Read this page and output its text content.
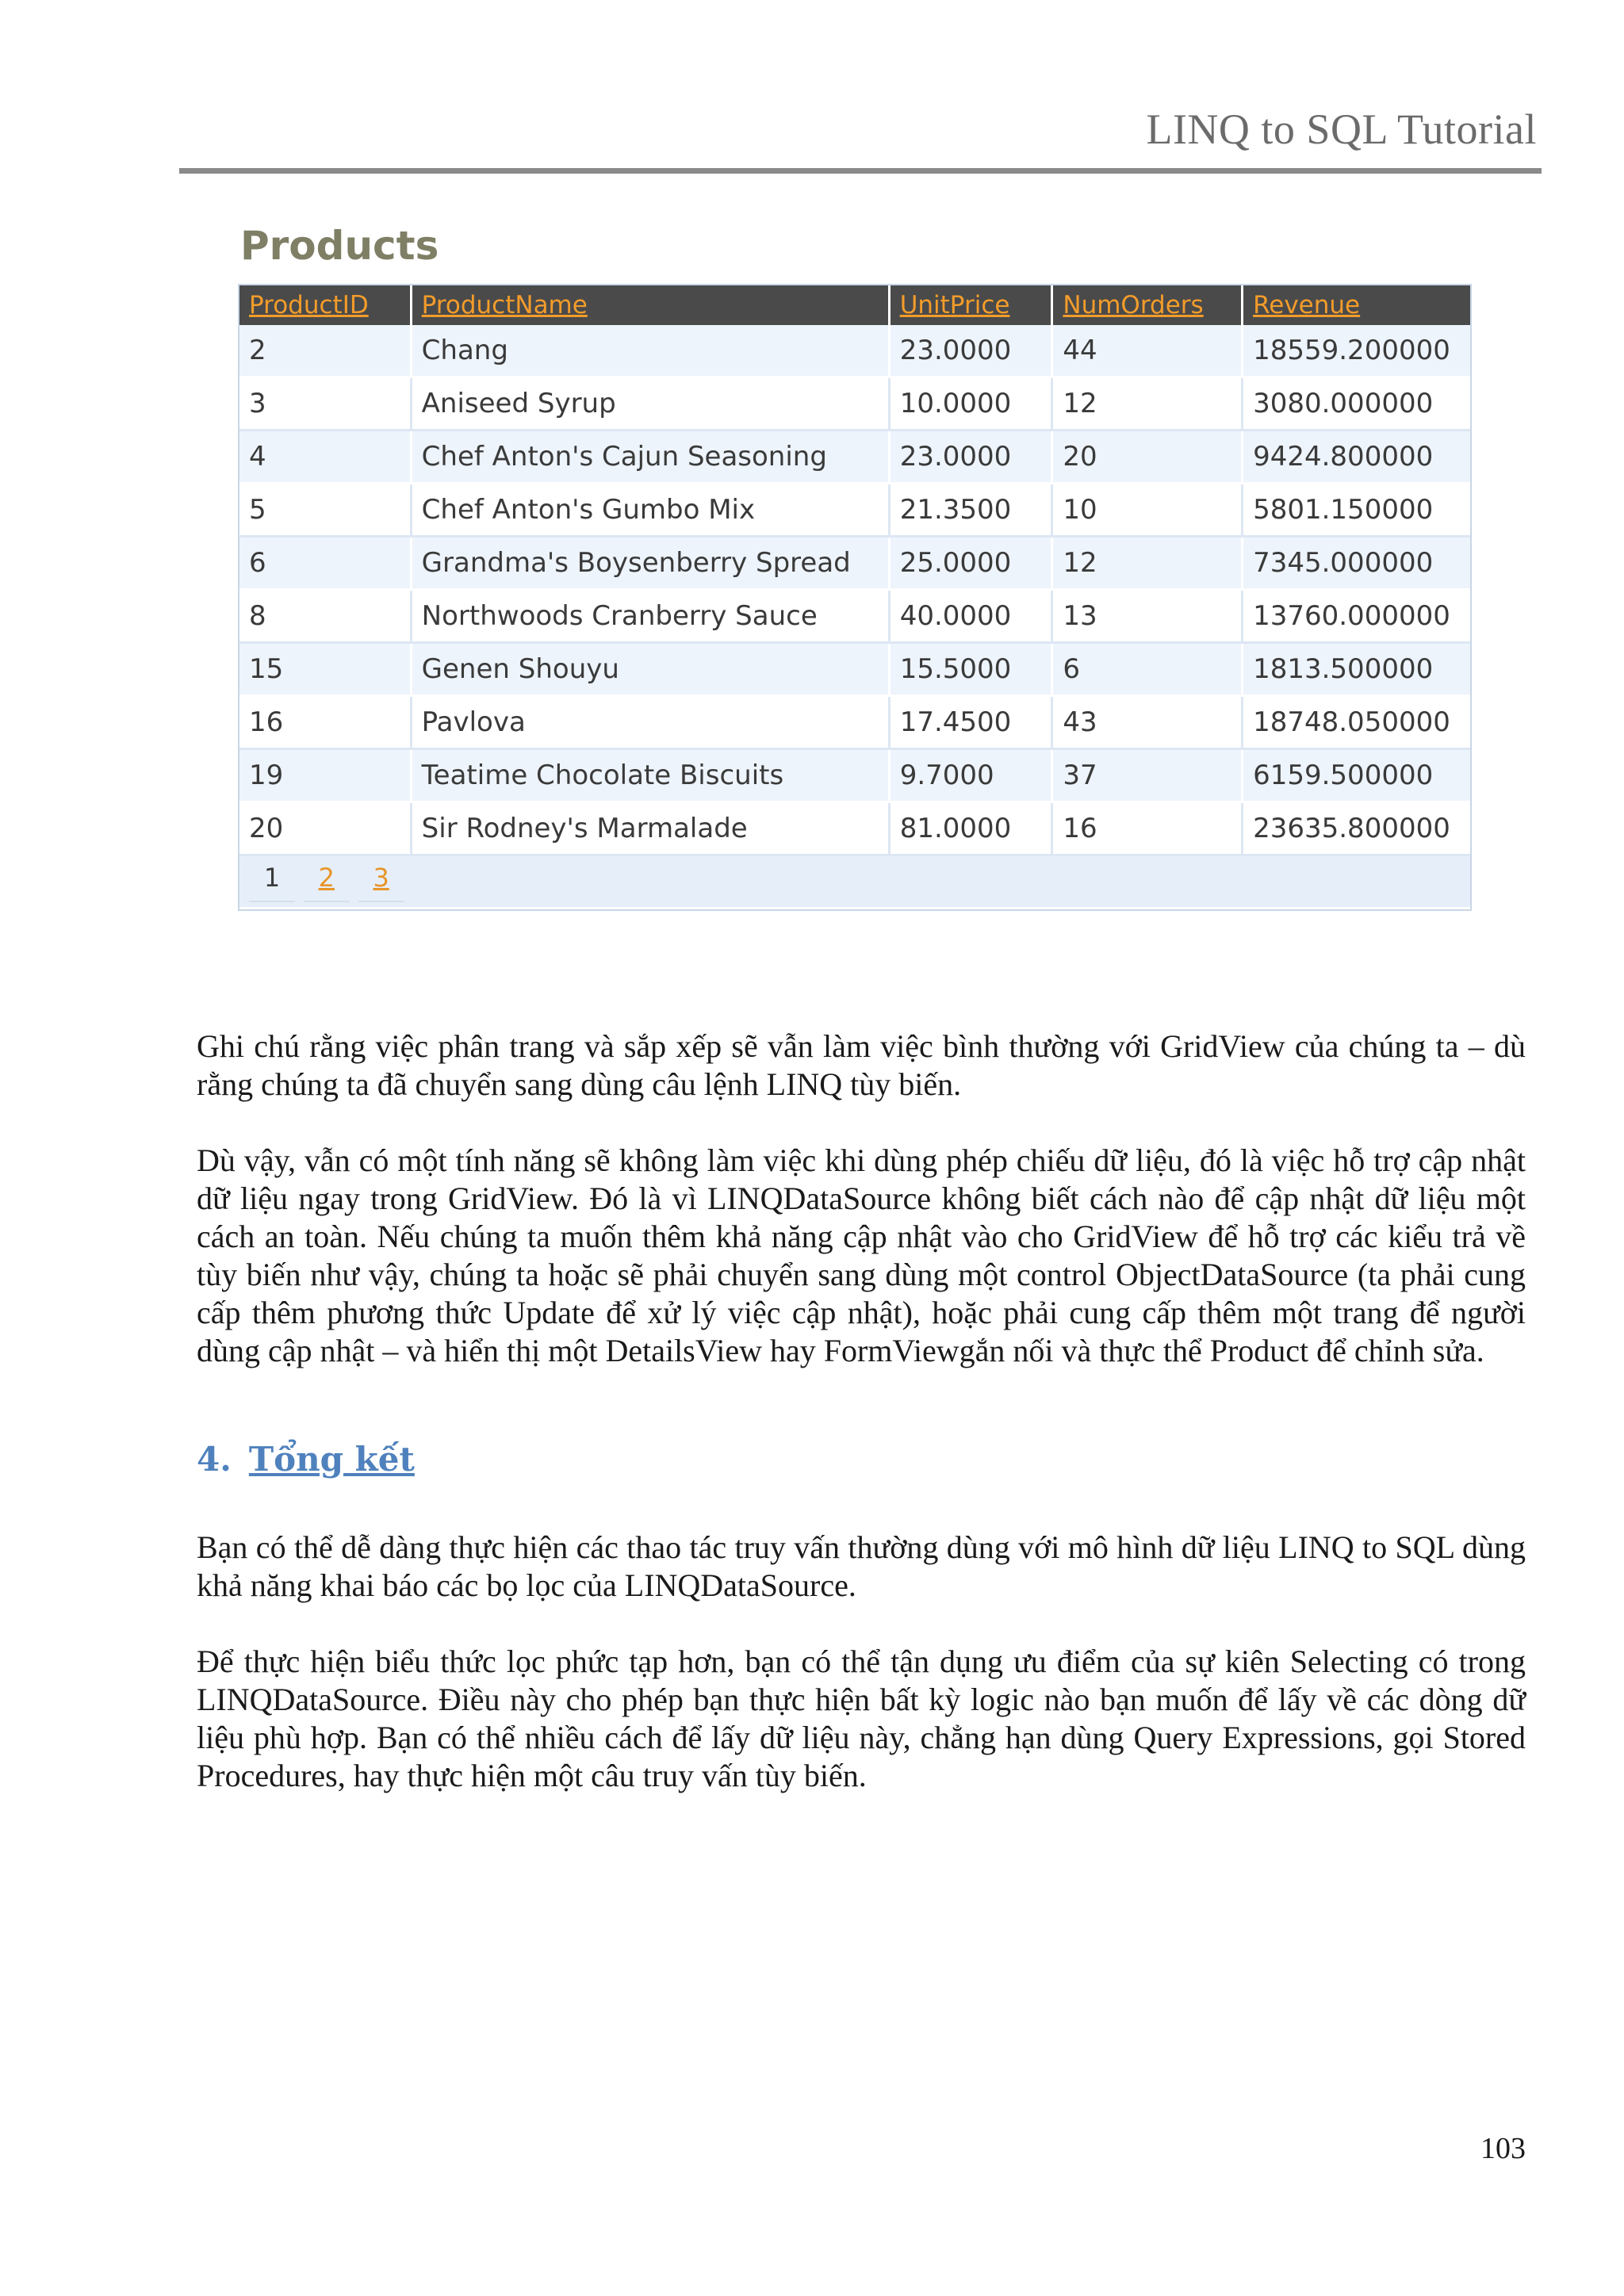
LINQ to SQL Tutorial
Products
ProductID	ProductName	UnitPrice	NumOrders	Revenue
2	Chang	23.0000	44	18559.200000
3	Aniseed Syrup	10.0000	12	3080.000000
4	Chef Anton's Cajun Seasoning	23.0000	20	9424.800000
5	Chef Anton's Gumbo Mix	21.3500	10	5801.150000
6	Grandma's Boysenberry Spread	25.0000	12	7345.000000
8	Northwoods Cranberry Sauce	40.0000	13	13760.000000
15	Genen Shouyu	15.5000	6	1813.500000
16	Pavlova	17.4500	43	18748.050000
19	Teatime Chocolate Biscuits	9.7000	37	6159.500000
20	Sir Rodney's Marmalade	81.0000	16	23635.800000

1 2 3				

Ghi chú rằng việc phân trang và sắp xếp sẽ vẫn làm việc bình thường với GridView của chúng ta – dù rằng chúng ta đã chuyển sang dùng câu lệnh LINQ tùy biến.

Dù vậy, vẫn có một tính năng sẽ không làm việc khi dùng phép chiếu dữ liệu, đó là việc hỗ trợ cập nhật dữ liệu ngay trong GridView. Đó là vì LINQDataSource không biết cách nào để cập nhật dữ liệu một cách an toàn. Nếu chúng ta muốn thêm khả năng cập nhật vào cho GridView để hỗ trợ các kiểu trả về tùy biến như vậy, chúng ta hoặc sẽ phải chuyển sang dùng một control ObjectDataSource (ta phải cung cấp thêm phương thức Update để xử lý việc cập nhật), hoặc phải cung cấp thêm một trang để người dùng cập nhật – và hiển thị một DetailsView hay FormViewgắn nối và thực thể Product để chỉnh sửa.

4. Tổng kết

Bạn có thể dễ dàng thực hiện các thao tác truy vấn thường dùng với mô hình dữ liệu LINQ to SQL dùng khả năng khai báo các bọ lọc của LINQDataSource.

Để thực hiện biểu thức lọc phức tạp hơn, bạn có thể tận dụng ưu điểm của sự kiên Selecting có trong LINQDataSource. Điều này cho phép bạn thực hiện bất kỳ logic nào bạn muốn để lấy về các dòng dữ liệu phù hợp. Bạn có thể nhiều cách để lấy dữ liệu này, chẳng hạn dùng Query Expressions, gọi Stored Procedures, hay thực hiện một câu truy vấn tùy biến.

103
